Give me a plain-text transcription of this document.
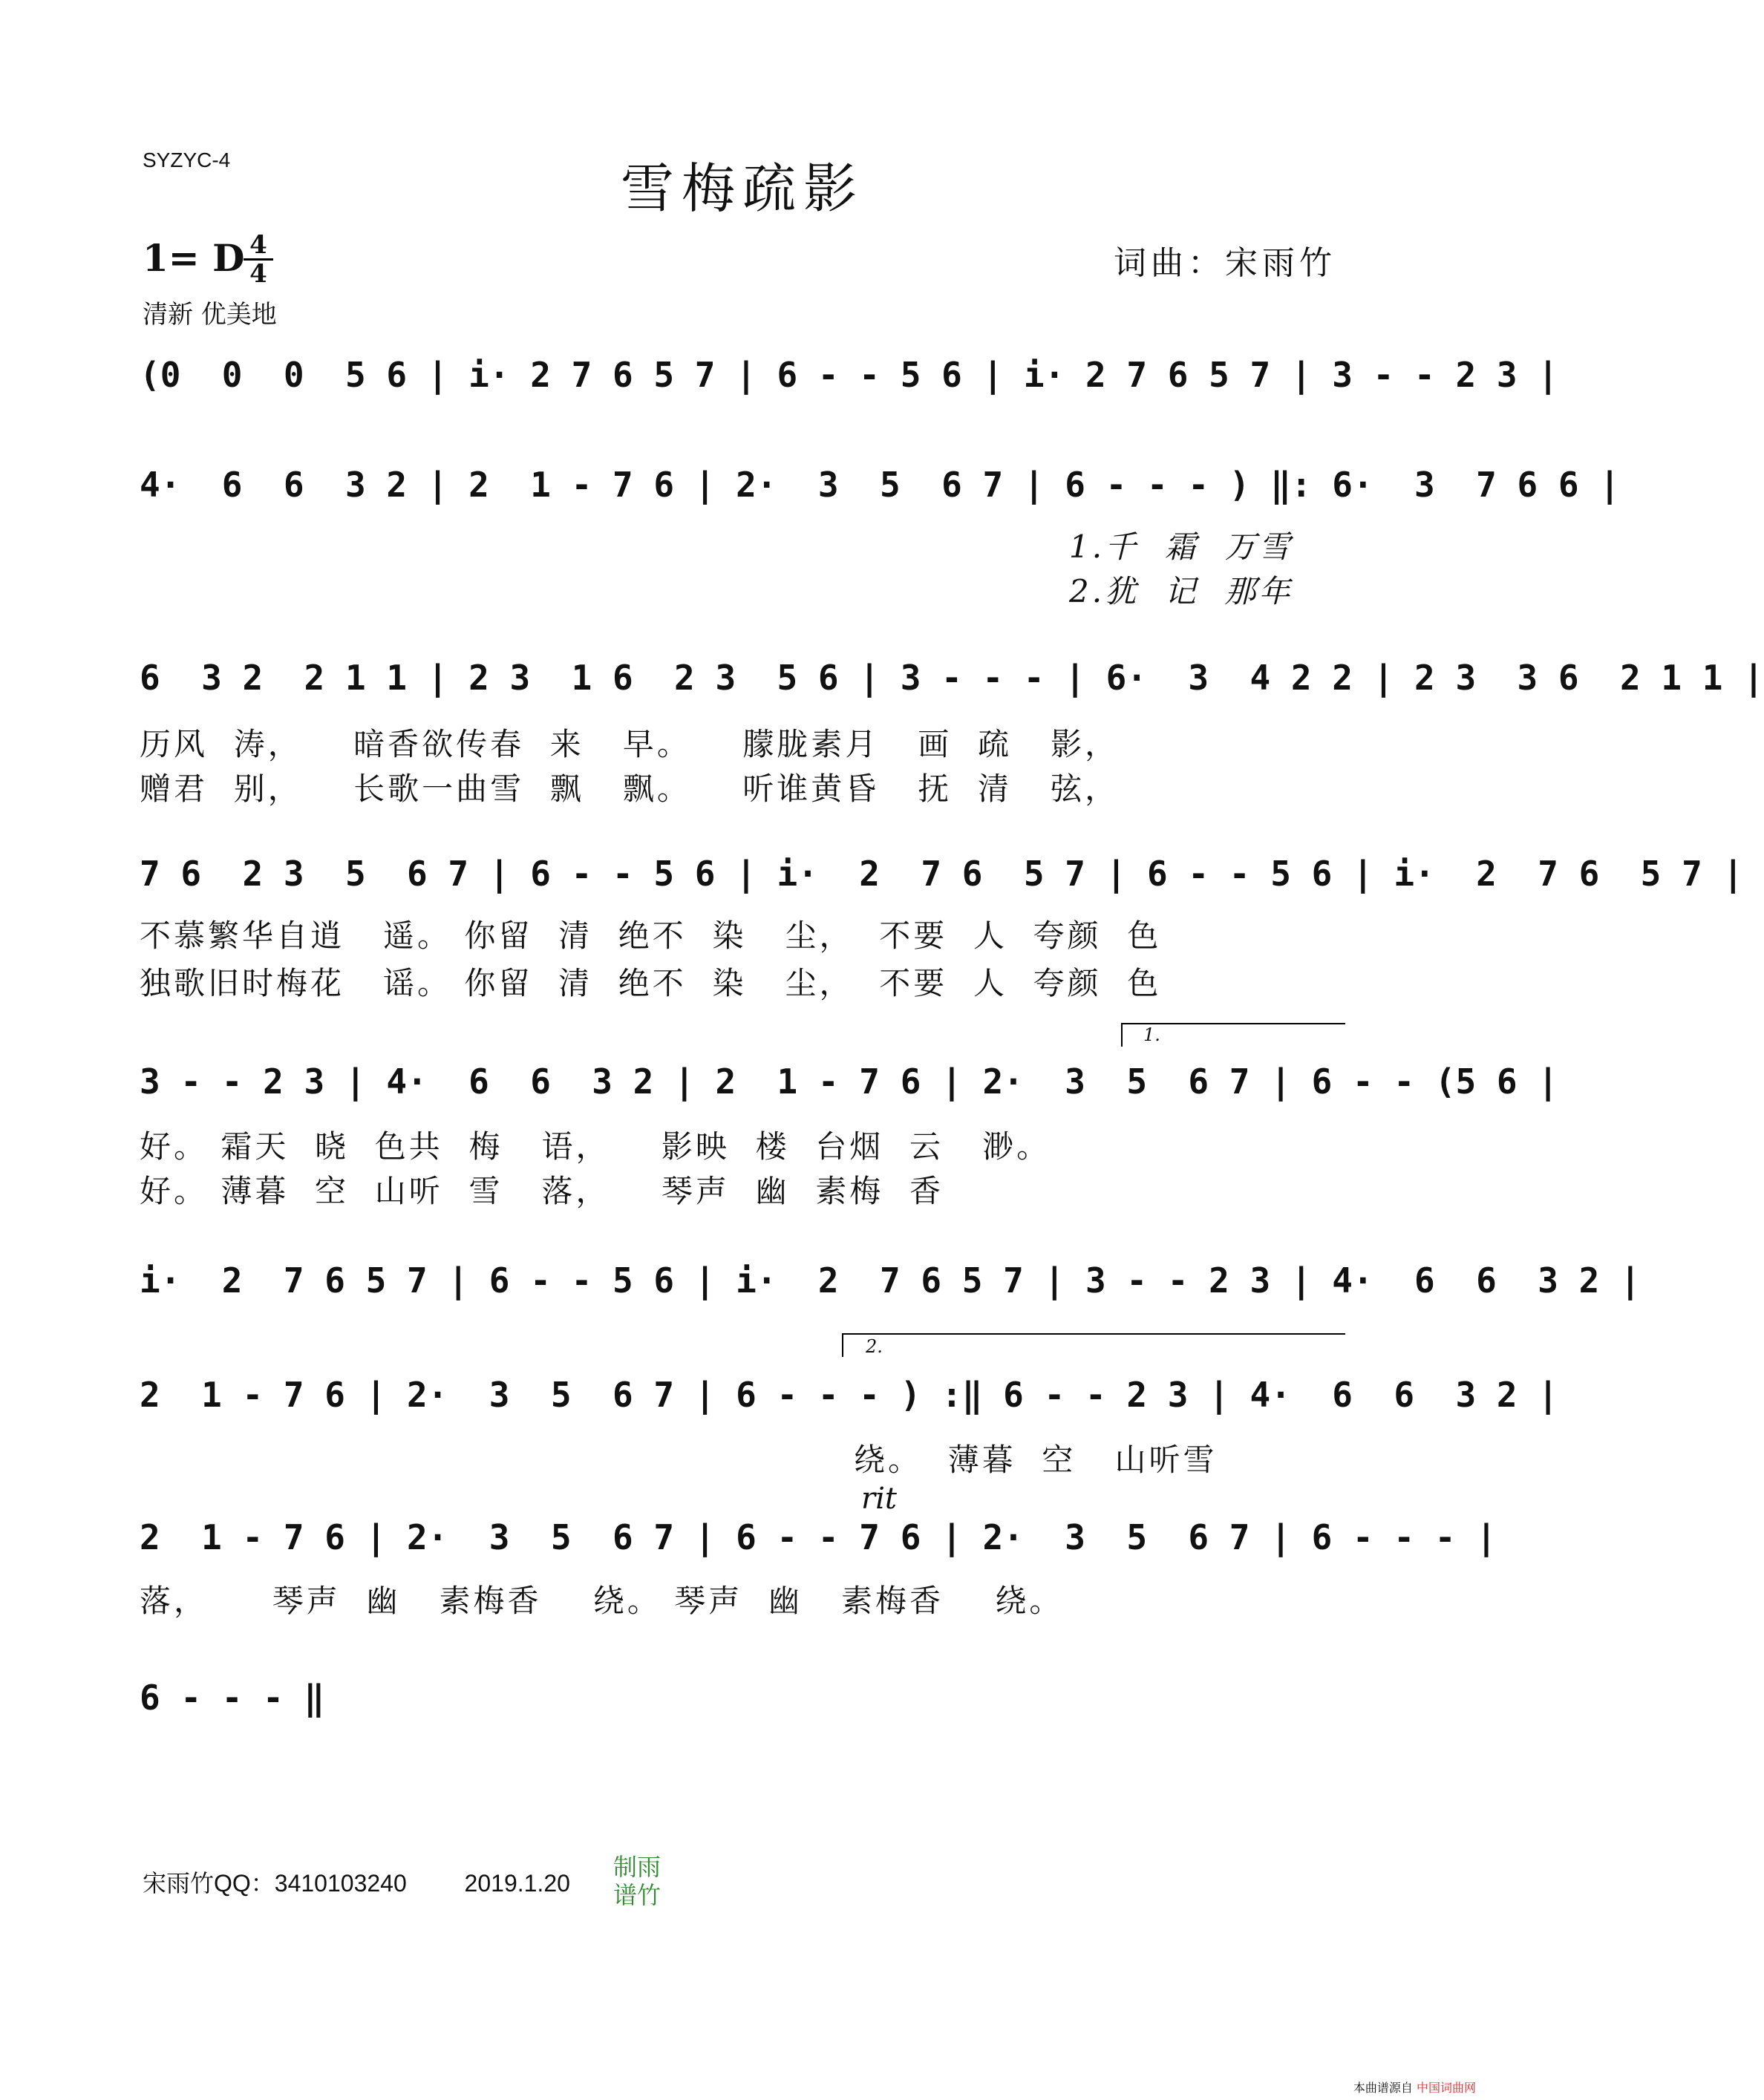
SYZYC-4	雪梅疏影
1= D 4
4	词曲：宋雨竹
清新 优美地
(0  0  0  5 6 | i· 2 7 6 5 7 | 6 - - 5 6 | i· 2 7 6 5 7 | 3 - - 2 3 |
4·  6  6  3 2 | 2  1 - 7 6 | 2·  3  5  6 7 | 6 - - - ) ‖: 6·  3  7 6 6 |
1.千  霜  万雪
2.犹  记  那年
6  3 2  2 1 1 | 2 3  1 6  2 3  5 6 | 3 - - - | 6·  3  4 2 2 | 2 3  3 6  2 1 1 |
历风  涛，    暗香欲传春  来   早。    朦胧素月   画  疏   影，
赠君  别，    长歌一曲雪  飘   飘。    听谁黄昏   抚  清   弦，
7 6  2 3  5  6 7 | 6 - - 5 6 | i·  2  7 6  5 7 | 6 - - 5 6 | i·  2  7 6  5 7 |
不慕繁华自逍   遥。 你留  清  绝不  染   尘，  不要  人  夸颜  色
独歌旧时梅花   谣。 你留  清  绝不  染   尘，  不要  人  夸颜  色
1.
3 - - 2 3 | 4·  6  6  3 2 | 2  1 - 7 6 | 2·  3  5  6 7 | 6 - - (5 6 |
好。 霜天  晓  色共  梅   语，    影映  楼  台烟  云   渺。
好。 薄暮  空  山听  雪   落，    琴声  幽  素梅  香
i·  2  7 6 5 7 | 6 - - 5 6 | i·  2  7 6 5 7 | 3 - - 2 3 | 4·  6  6  3 2 |
2.
2  1 - 7 6 | 2·  3  5  6 7 | 6 - - - ) :‖ 6 - - 2 3 | 4·  6  6  3 2 |
绕。  薄暮  空   山听雪
rit
2  1 - 7 6 | 2·  3  5  6 7 | 6 - - 7 6 | 2·  3  5  6 7 | 6 - - - |
落，     琴声  幽   素梅香    绕。 琴声  幽   素梅香    绕。
6 - - - ‖
宋雨竹QQ：3410103240 2019.1.20
制雨
谱竹
本曲谱源自 中国词曲网
